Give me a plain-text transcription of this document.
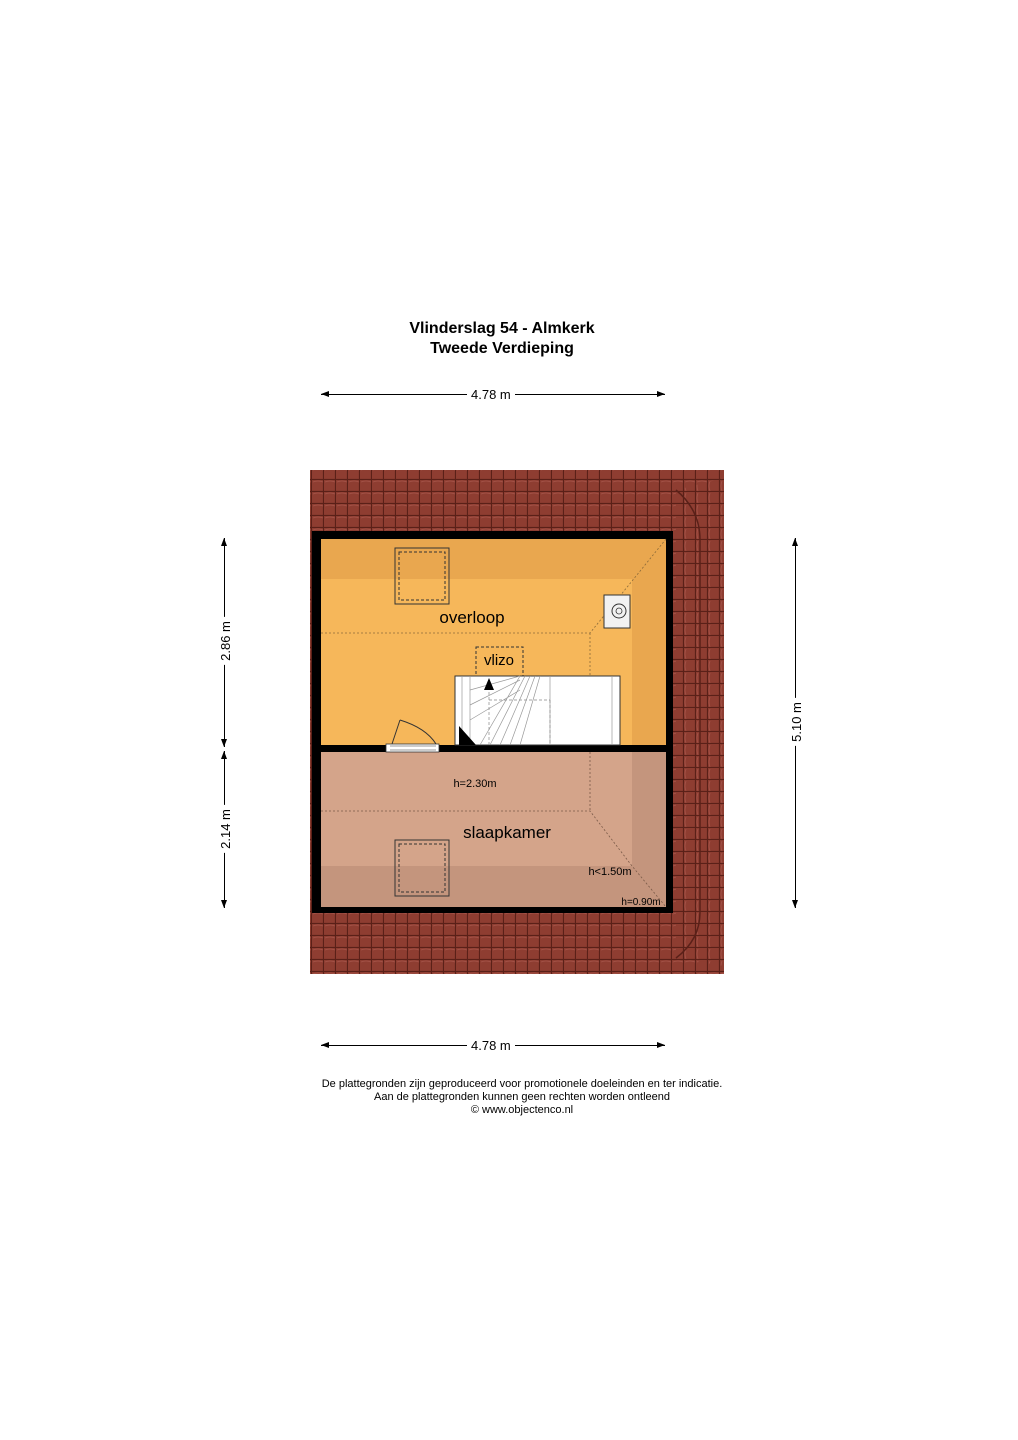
Vlinderslag 54 - Almkerk
Tweede Verdieping
4.78 m
4.78 m
2.86 m
2.14 m
5.10 m
overloop
vlizo
slaapkamer
h=2.30m
h<1.50m
h=0.90m
De plattegronden zijn geproduceerd voor promotionele doeleinden en ter indicatie.
Aan de plattegronden kunnen geen rechten worden ontleend
© www.objectenco.nl
